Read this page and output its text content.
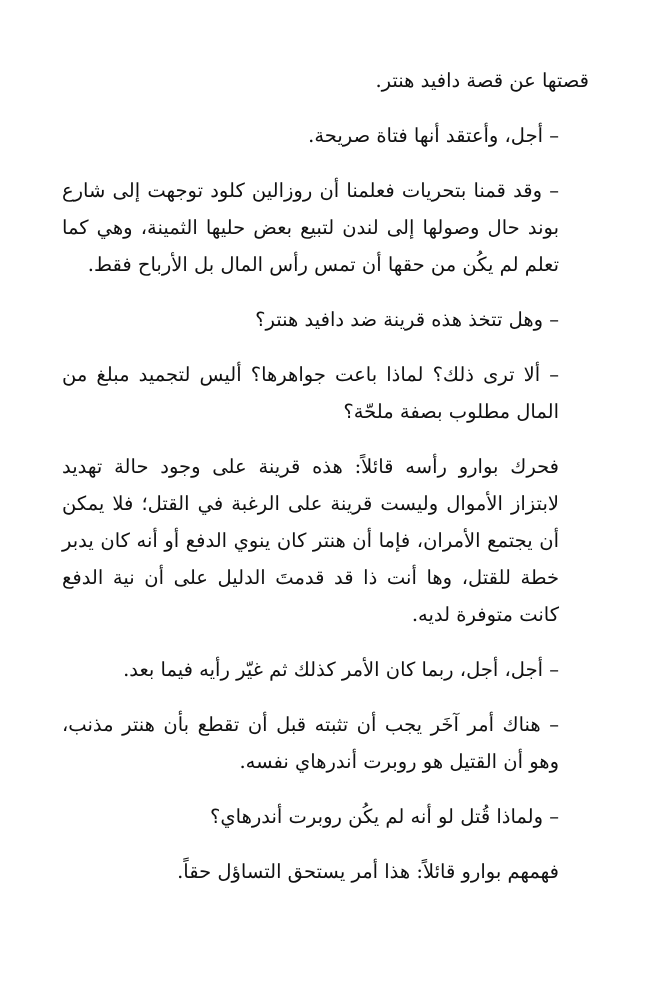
قصتها عن قصة دافيد هنتر.

– أجل، وأعتقد أنها فتاة صريحة.

– وقد قمنا بتحريات فعلمنا أن روزالين كلود توجهت إلى شارع بوند حال وصولها إلى لندن لتبيع بعض حليها الثمينة، وهي كما تعلم لم يكُن من حقها أن تمس رأس المال بل الأرباح فقط.

– وهل تتخذ هذه قرينة ضد دافيد هنتر؟

– ألا ترى ذلك؟ لماذا باعت جواهرها؟ أليس لتجميد مبلغ من المال مطلوب بصفة ملحّة؟

فحرك بوارو رأسه قائلاً: هذه قرينة على وجود حالة تهديد لابتزاز الأموال وليست قرينة على الرغبة في القتل؛ فلا يمكن أن يجتمع الأمران، فإما أن هنتر كان ينوي الدفع أو أنه كان يدبر خطة للقتل، وها أنت ذا قد قدمتَ الدليل على أن نية الدفع كانت متوفرة لديه.

– أجل، أجل، ربما كان الأمر كذلك ثم غيّر رأيه فيما بعد.

– هناك أمر آخَر يجب أن تثبته قبل أن تقطع بأن هنتر مذنب، وهو أن القتيل هو روبرت أندرهاي نفسه.

– ولماذا قُتل لو أنه لم يكُن روبرت أندرهاي؟

فهمهم بوارو قائلاً: هذا أمر يستحق التساؤل حقاً.
